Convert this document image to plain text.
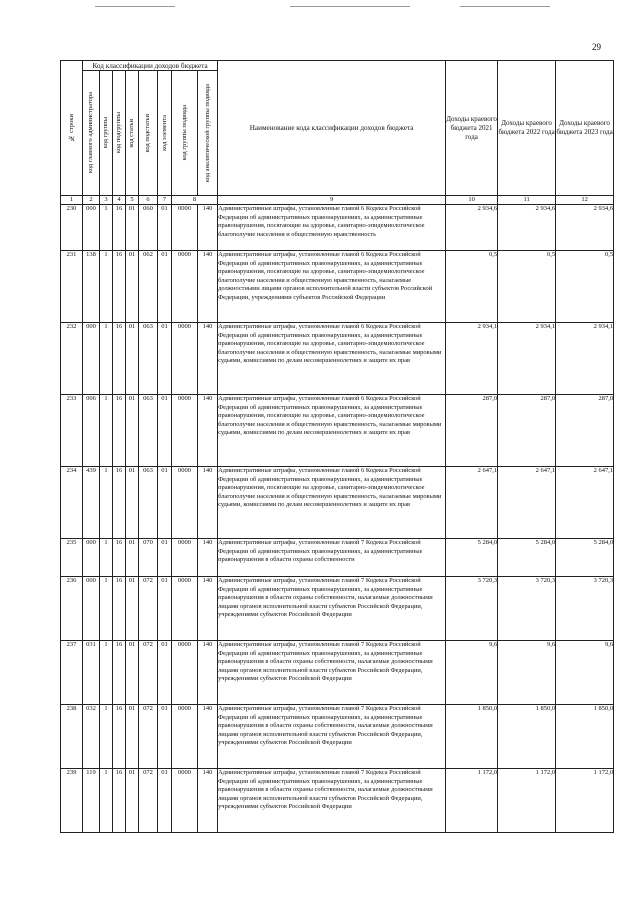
29
№ строки	Код классификации доходов бюджета								Наименование кода классификации доходов бюджета	Доходы краевого бюджета 2021 года	Доходы краевого бюджета 2022 года	Доходы краевого бюджета 2023 года

	код главного администратора	код группы	код подгруппы	код статьи	код подстатьи	код элемента	код группы подвида	код аналитической группы подвида				

1	2	3	4	5	6	7	8		9	10	11	12
230	000	1	16	01	060	01	0000	140	Административные штрафы, установленные главой 6 Кодекса Российской Федерации об административных правонарушениях, за административные правонарушения, посягающие на здоровье, санитарно-эпидемиологическое благополучие населения и общественную нравственность	2 934,6	2 934,6	2 934,6
231	138	1	16	01	062	01	0000	140	Административные штрафы, установленные главой 6 Кодекса Российской Федерации об административных правонарушениях, за административные правонарушения, посягающие на здоровье, санитарно-эпидемиологическое благополучие населения и общественную нравственность, налагаемые должностными лицами органов исполнительной власти субъектов Российской Федерации, учреждениями субъектов Российской Федерации	0,5	0,5	0,5
232	000	1	16	01	063	01	0000	140	Административные штрафы, установленные главой 6 Кодекса Российской Федерации об административных правонарушениях, за административные правонарушения, посягающие на здоровье, санитарно-эпидемиологическое благополучие населения и общественную нравственность, налагаемые мировыми судьями, комиссиями по делам несовершеннолетних и защите их прав	2 934,1	2 934,1	2 934,1
233	006	1	16	01	063	01	0000	140	Административные штрафы, установленные главой 6 Кодекса Российской Федерации об административных правонарушениях, за административные правонарушения, посягающие на здоровье, санитарно-эпидемиологическое благополучие населения и общественную нравственность, налагаемые мировыми судьями, комиссиями по делам несовершеннолетних и защите их прав	287,0	287,0	287,0
234	439	1	16	01	063	01	0000	140	Административные штрафы, установленные главой 6 Кодекса Российской Федерации об административных правонарушениях, за административные правонарушения, посягающие на здоровье, санитарно-эпидемиологическое благополучие населения и общественную нравственность, налагаемые мировыми судьями, комиссиями по делам несовершеннолетних и защите их прав	2 647,1	2 647,1	2 647,1
235	000	1	16	01	070	01	0000	140	Административные штрафы, установленные главой 7 Кодекса Российской Федерации об административных правонарушениях, за административные правонарушения в области охраны собственности	5 284,0	5 284,0	5 284,0
236	000	1	16	01	072	01	0000	140	Административные штрафы, установленные главой 7 Кодекса Российской Федерации об административных правонарушениях, за административные правонарушения в области охраны собственности, налагаемые должностными лицами органов исполнительной власти субъектов Российской Федерации, учреждениями субъектов Российской Федерации	3 720,3	3 720,3	3 720,3
237	031	1	16	01	072	01	0000	140	Административные штрафы, установленные главой 7 Кодекса Российской Федерации об административных правонарушениях, за административные правонарушения в области охраны собственности, налагаемые должностными лицами органов исполнительной власти субъектов Российской Федерации, учреждениями субъектов Российской Федерации	9,6	9,6	9,6
238	032	1	16	01	072	01	0000	140	Административные штрафы, установленные главой 7 Кодекса Российской Федерации об административных правонарушениях, за административные правонарушения в области охраны собственности, налагаемые должностными лицами органов исполнительной власти субъектов Российской Федерации, учреждениями субъектов Российской Федерации	1 850,0	1 850,0	1 850,0
239	119	1	16	01	072	01	0000	140	Административные штрафы, установленные главой 7 Кодекса Российской Федерации об административных правонарушениях, за административные правонарушения в области охраны собственности, налагаемые должностными лицами органов исполнительной власти субъектов Российской Федерации, учреждениями субъектов Российской Федерации	1 172,0	1 172,0	1 172,0
